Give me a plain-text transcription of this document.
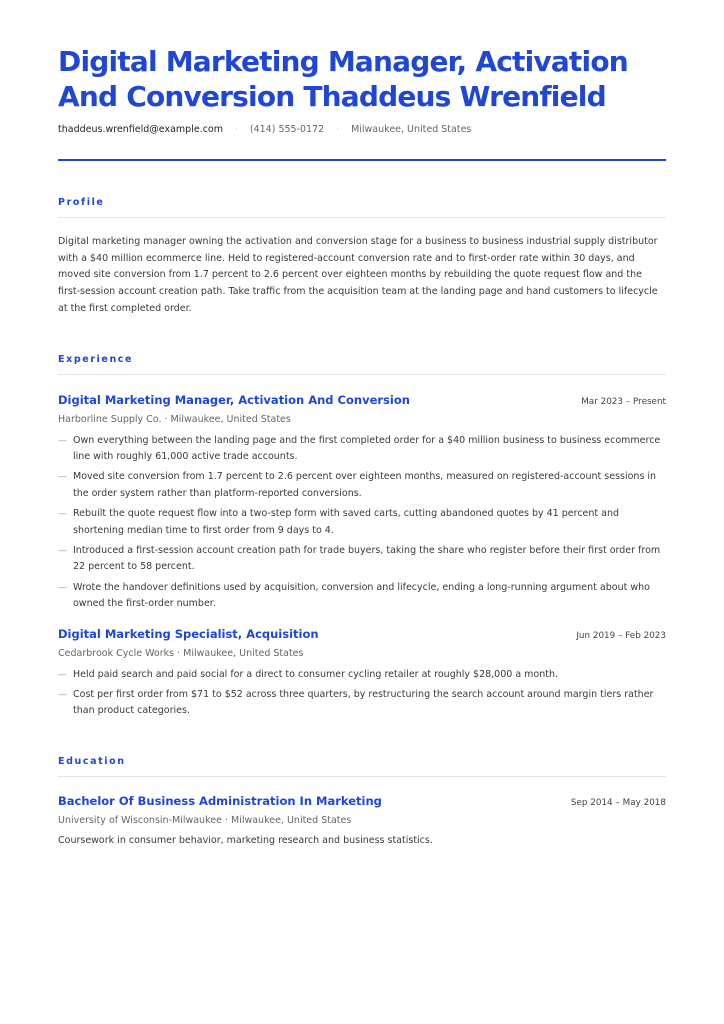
Digital Marketing Manager, Activation And Conversion Thaddeus Wrenfield
thaddeus.wrenfield@example.com · (414) 555-0172 · Milwaukee, United States
Profile
Digital marketing manager owning the activation and conversion stage for a business to business industrial supply distributor with a $40 million ecommerce line. Held to registered-account conversion rate and to first-order rate within 30 days, and moved site conversion from 1.7 percent to 2.6 percent over eighteen months by rebuilding the quote request flow and the first-session account creation path. Take traffic from the acquisition team at the landing page and hand customers to lifecycle at the first completed order.
Experience
Digital Marketing Manager, Activation And Conversion	Mar 2023 – Present
Harborline Supply Co. · Milwaukee, United States
— Own everything between the landing page and the first completed order for a $40 million business to business ecommerce line with roughly 61,000 active trade accounts.
— Moved site conversion from 1.7 percent to 2.6 percent over eighteen months, measured on registered-account sessions in the order system rather than platform-reported conversions.
— Rebuilt the quote request flow into a two-step form with saved carts, cutting abandoned quotes by 41 percent and shortening median time to first order from 9 days to 4.
— Introduced a first-session account creation path for trade buyers, taking the share who register before their first order from 22 percent to 58 percent.
— Wrote the handover definitions used by acquisition, conversion and lifecycle, ending a long-running argument about who owned the first-order number.
Digital Marketing Specialist, Acquisition	Jun 2019 – Feb 2023
Cedarbrook Cycle Works · Milwaukee, United States
— Held paid search and paid social for a direct to consumer cycling retailer at roughly $28,000 a month.
— Cost per first order from $71 to $52 across three quarters, by restructuring the search account around margin tiers rather than product categories.
Education
Bachelor Of Business Administration In Marketing	Sep 2014 – May 2018
University of Wisconsin-Milwaukee · Milwaukee, United States
Coursework in consumer behavior, marketing research and business statistics.
